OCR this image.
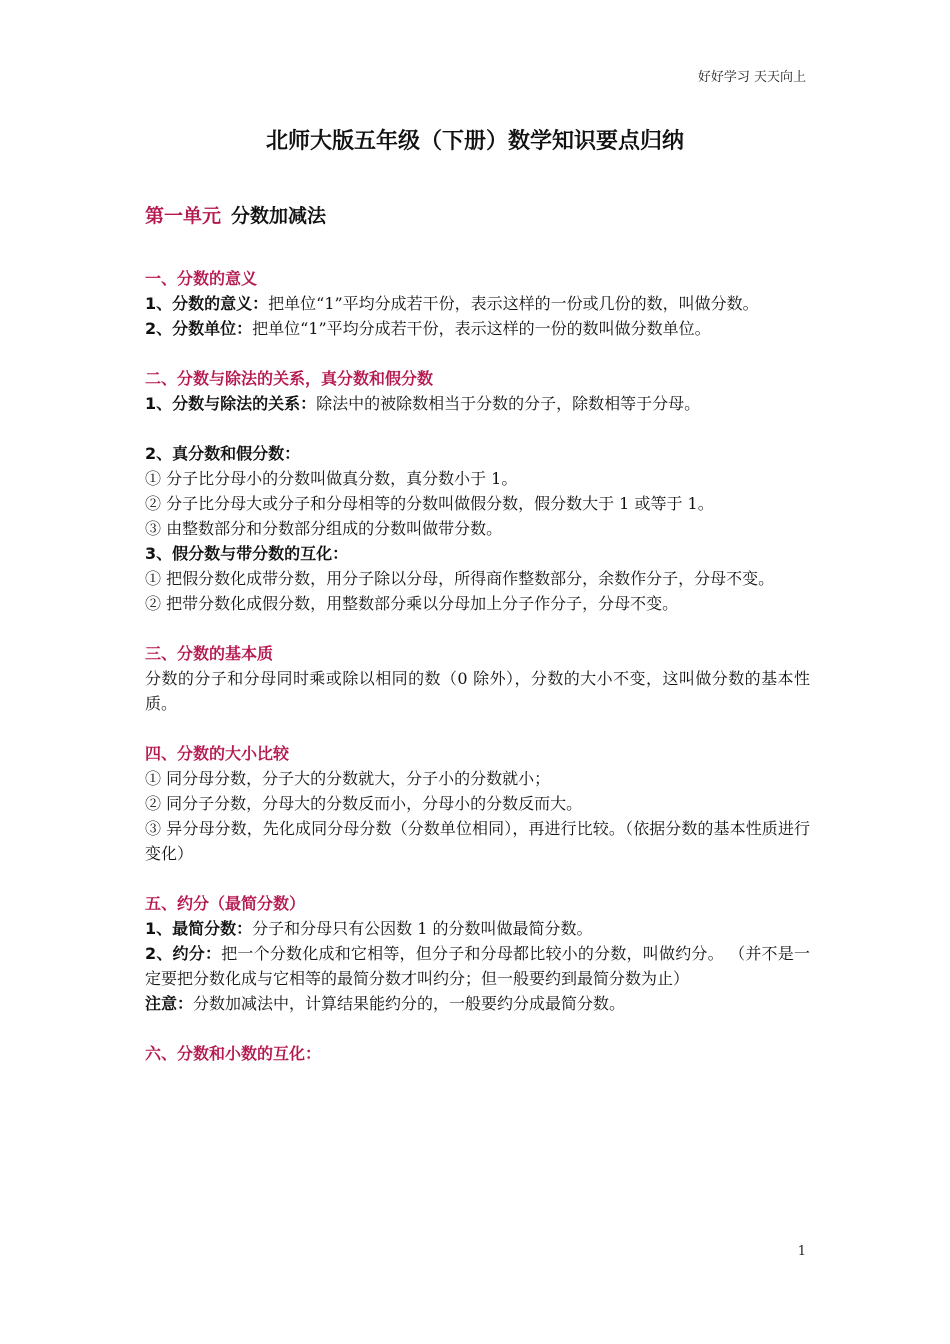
好好学习 天天向上
北师大版五年级（下册）数学知识要点归纳
第一单元 分数加减法
一、分数的意义

1、分数的意义：把单位“1”平均分成若干份，表示这样的一份或几份的数，叫做分数。

2、分数单位：把单位“1”平均分成若干份，表示这样的一份的数叫做分数单位。

二、分数与除法的关系，真分数和假分数

1、分数与除法的关系：除法中的被除数相当于分数的分子，除数相等于分母。

2、真分数和假分数：

① 分子比分母小的分数叫做真分数，真分数小于 1。

② 分子比分母大或分子和分母相等的分数叫做假分数，假分数大于 1 或等于 1。

③ 由整数部分和分数部分组成的分数叫做带分数。

3、假分数与带分数的互化：

① 把假分数化成带分数，用分子除以分母，所得商作整数部分，余数作分子，分母不变。

② 把带分数化成假分数，用整数部分乘以分母加上分子作分子，分母不变。

三、分数的基本质

分数的分子和分母同时乘或除以相同的数（0 除外），分数的大小不变，这叫做分数的基本性质。

四、分数的大小比较

① 同分母分数，分子大的分数就大，分子小的分数就小；

② 同分子分数，分母大的分数反而小，分母小的分数反而大。

③ 异分母分数，先化成同分母分数（分数单位相同），再进行比较。（依据分数的基本性质进行变化）

五、约分（最简分数）

1、最简分数：分子和分母只有公因数 1 的分数叫做最简分数。

2、约分：把一个分数化成和它相等，但分子和分母都比较小的分数，叫做约分。 （并不是一定要把分数化成与它相等的最简分数才叫约分；但一般要约到最简分数为止）

注意：分数加减法中，计算结果能约分的，一般要约分成最简分数。

六、分数和小数的互化：
1
